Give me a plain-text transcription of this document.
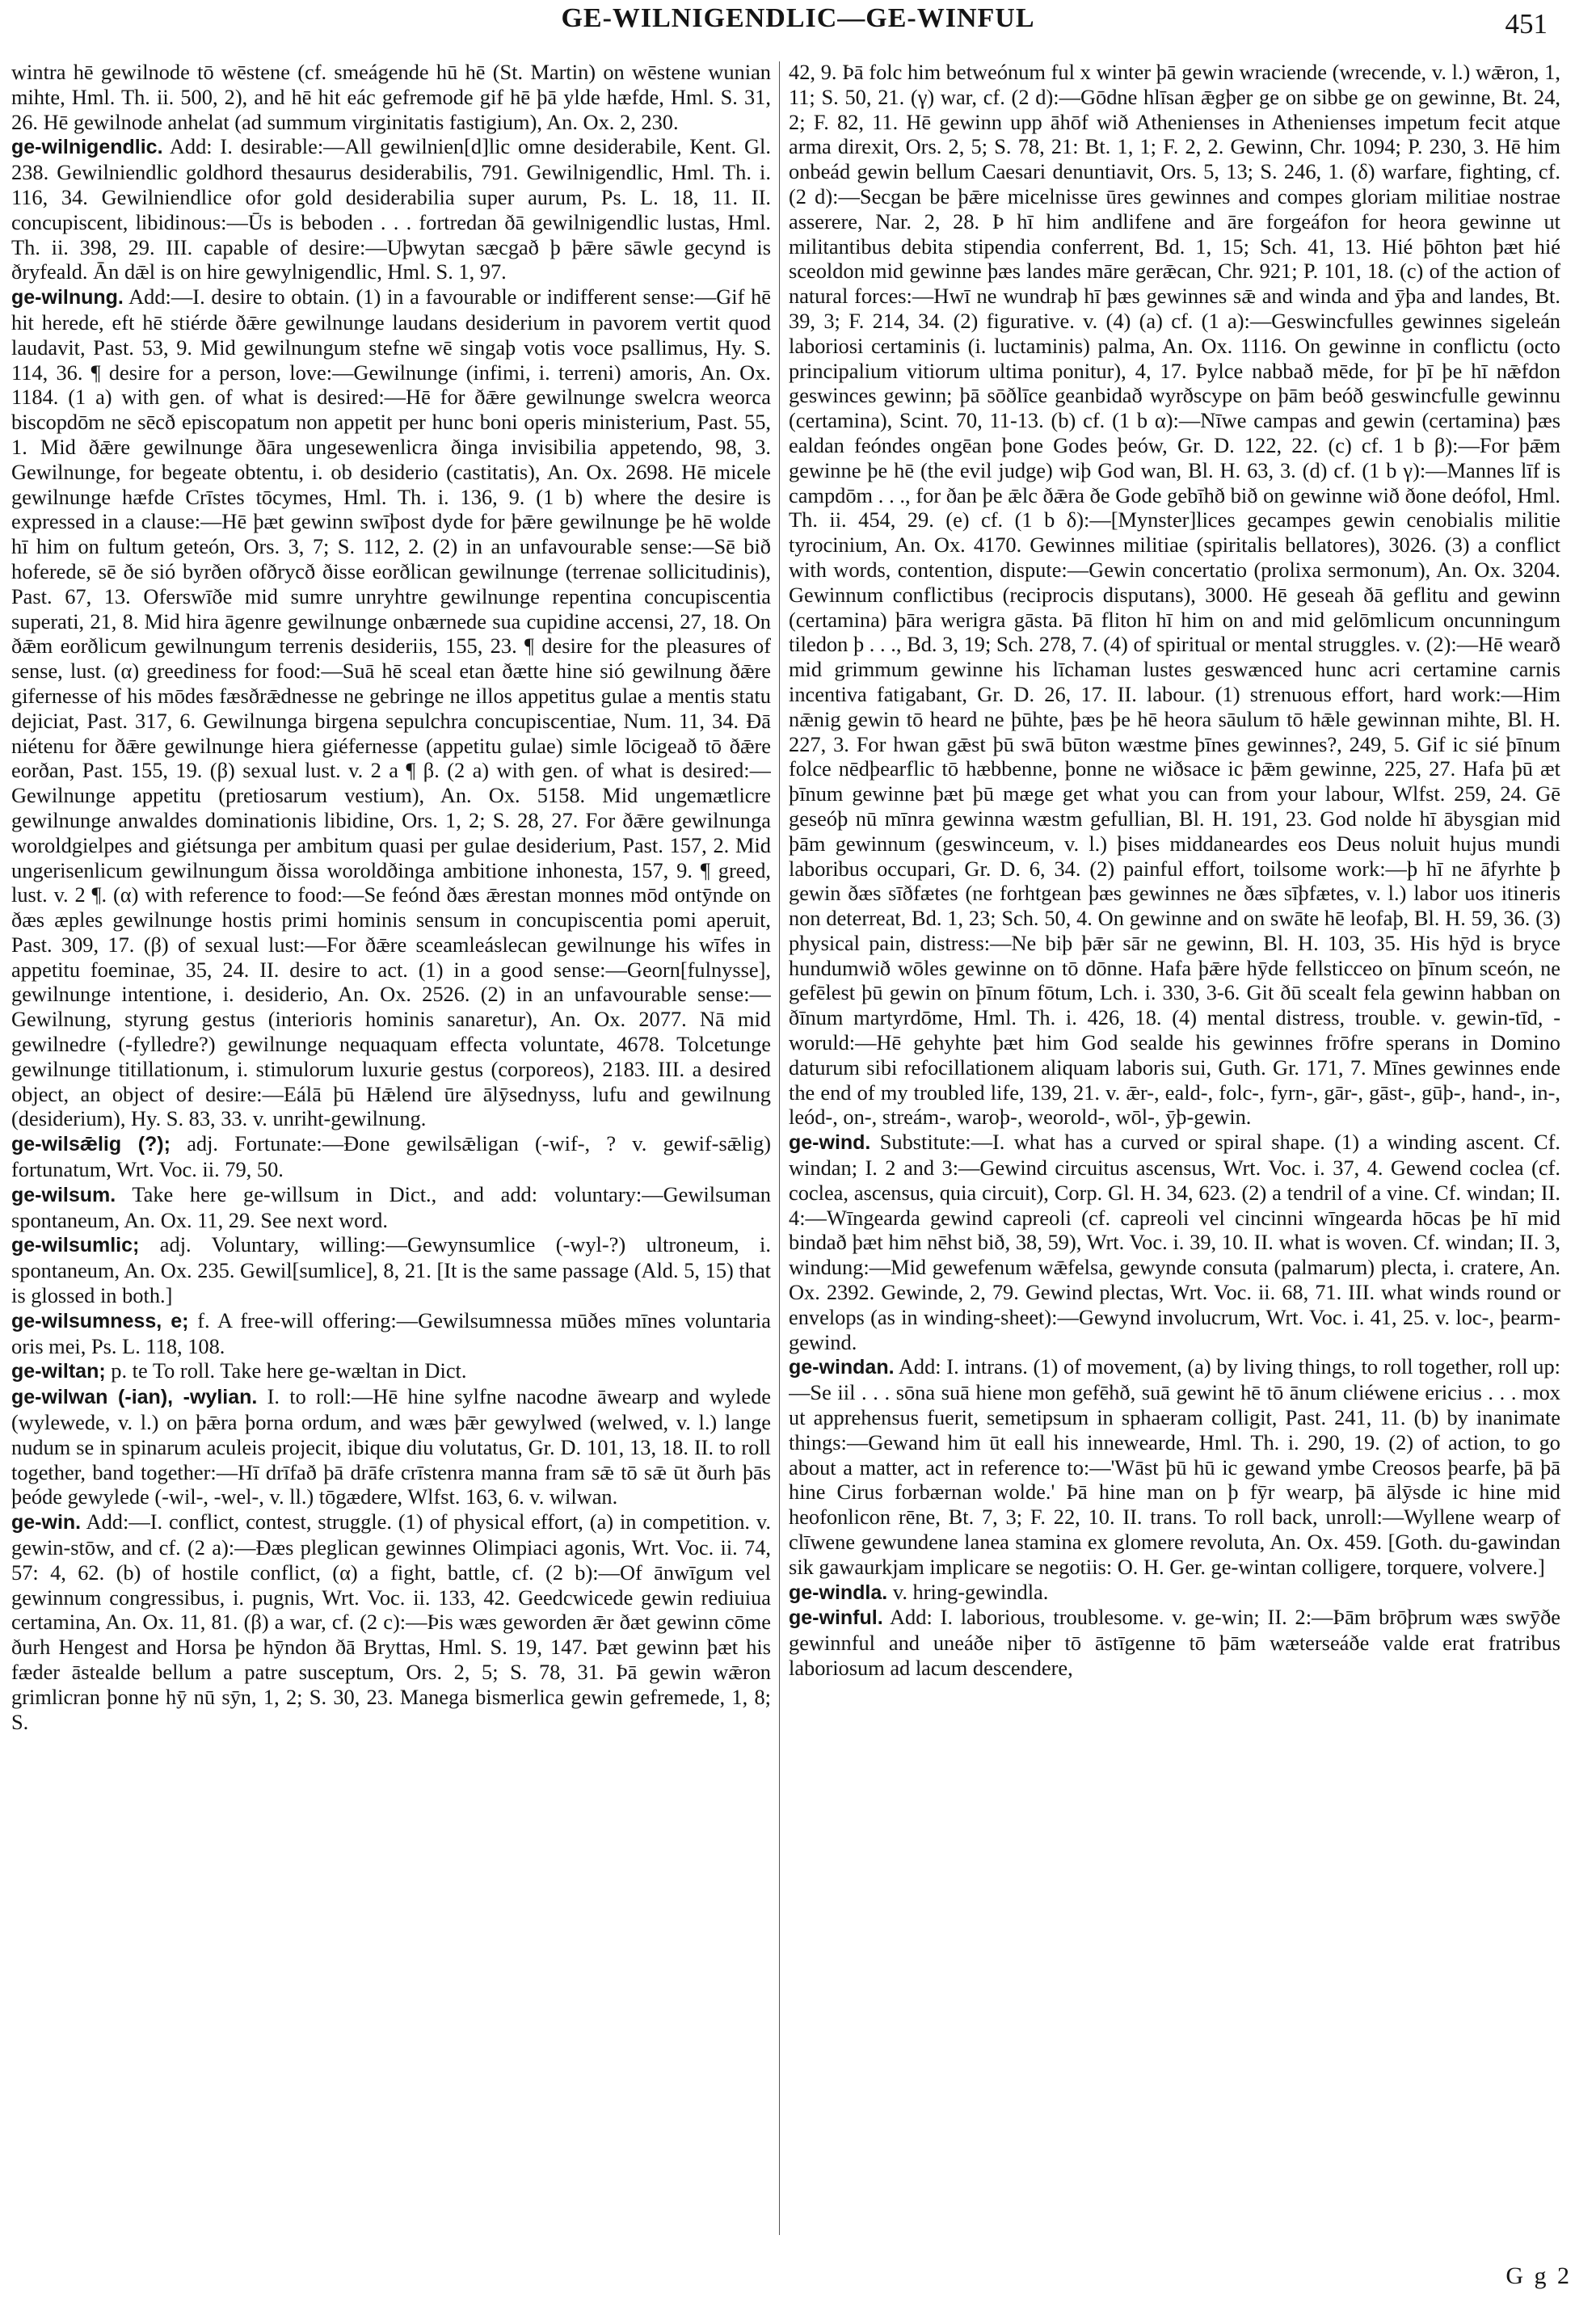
GE-WILNIGENDLIC—GE-WINFUL	451

wintra hē gewilnode tō wēstene (cf. smeágende hū hē (St. Martin) on wēstene wunian mihte, Hml. Th. ii. 500, 2), and hē hit eác gefremode gif hē þā ylde hæfde, Hml. S. 31, 26. Hē gewilnode anhelat (ad summum virginitatis fastigium), An. Ox. 2, 230.

ge-wilnigendlic. Add: I. desirable:—All gewilnien[d]lic omne desiderabile, Kent. Gl. 238. Gewilniendlic goldhord thesaurus desiderabilis, 791. Gewilnigendlic, Hml. Th. i. 116, 34. Gewilniendlice ofor gold desiderabilia super aurum, Ps. L. 18, 11. II. concupiscent, libidinous:—Ūs is beboden . . . fortredan ðā gewilnigendlic lustas, Hml. Th. ii. 398, 29. III. capable of desire:—Uþwytan sæcgað þ þǣre sāwle gecynd is ðryfeald. Ān dǣl is on hire gewylnigendlic, Hml. S. 1, 97.

ge-wilnung. Add:—I. desire to obtain. (1) in a favourable or indifferent sense:—Gif hē hit herede, eft hē stiérde ðǣre gewilnunge laudans desiderium in pavorem vertit quod laudavit, Past. 53, 9. Mid gewilnungum stefne wē singaþ votis voce psallimus, Hy. S. 114, 36. ¶ desire for a person, love:—Gewilnunge (infimi, i. terreni) amoris, An. Ox. 1184. (1 a) with gen. of what is desired:—Hē for ðǣre gewilnunge swelcra weorca biscopdōm ne sēcð episcopatum non appetit per hunc boni operis ministerium, Past. 55, 1. Mid ðǣre gewilnunge ðāra ungesewenlicra ðinga invisibilia appetendo, 98, 3. Gewilnunge, for begeate obtentu, i. ob desiderio (castitatis), An. Ox. 2698. Hē micele gewilnunge hæfde Crīstes tōcymes, Hml. Th. i. 136, 9. (1 b) where the desire is expressed in a clause:—Hē þæt gewinn swīþost dyde for þǣre gewilnunge þe hē wolde hī him on fultum geteón, Ors. 3, 7; S. 112, 2. (2) in an unfavourable sense:—Sē bið hoferede, sē ðe sió byrðen ofðrycð ðisse eorðlican gewilnunge (terrenae sollicitudinis), Past. 67, 13. Oferswīðe mid sumre unryhtre gewilnunge repentina concupiscentia superati, 21, 8. Mid hira āgenre gewilnunge onbærnede sua cupidine accensi, 27, 18. On ðǣm eorðlicum gewilnungum terrenis desideriis, 155, 23. ¶ desire for the pleasures of sense, lust. (α) greediness for food:—Suā hē sceal etan ðætte hine sió gewilnung ðǣre gifernesse of his mōdes fæsðrǣdnesse ne gebringe ne illos appetitus gulae a mentis statu dejiciat, Past. 317, 6. Gewilnunga birgena sepulchra concupiscentiae, Num. 11, 34. Ðā niétenu for ðǣre gewilnunge hiera giéfernesse (appetitu gulae) simle lōcigeað tō ðǣre eorðan, Past. 155, 19. (β) sexual lust. v. 2 a ¶ β. (2 a) with gen. of what is desired:—Gewilnunge appetitu (pretiosarum vestium), An. Ox. 5158. Mid ungemætlicre gewilnunge anwaldes dominationis libidine, Ors. 1, 2; S. 28, 27. For ðǣre gewilnunga woroldgielpes and giétsunga per ambitum quasi per gulae desiderium, Past. 157, 2. Mid ungerisenlicum gewilnungum ðissa woroldðinga ambitione inhonesta, 157, 9. ¶ greed, lust. v. 2 ¶. (α) with reference to food:—Se feónd ðæs ǣrestan monnes mōd ontȳnde on ðæs æples gewilnunge hostis primi hominis sensum in concupiscentia pomi aperuit, Past. 309, 17. (β) of sexual lust:—For ðǣre sceamleáslecan gewilnunge his wīfes in appetitu foeminae, 35, 24. II. desire to act. (1) in a good sense:—Georn[fulnysse], gewilnunge intentione, i. desiderio, An. Ox. 2526. (2) in an unfavourable sense:—Gewilnung, styrung gestus (interioris hominis sanaretur), An. Ox. 2077. Nā mid gewilnedre (-fylledre?) gewilnunge nequaquam effecta voluntate, 4678. Tolcetunge gewilnunge titillationum, i. stimulorum luxurie gestus (corporeos), 2183. III. a desired object, an object of desire:—Eálā þū Hǣlend ūre ālȳsednyss, lufu and gewilnung (desiderium), Hy. S. 83, 33. v. unriht-gewilnung.

ge-wilsǣlig (?); adj. Fortunate:—Ðone gewilsǣligan (-wif-, ? v. gewif-sǣlig) fortunatum, Wrt. Voc. ii. 79, 50.

ge-wilsum. Take here ge-willsum in Dict., and add: voluntary:—Gewilsuman spontaneum, An. Ox. 11, 29. See next word.

ge-wilsumlic; adj. Voluntary, willing:—Gewynsumlice (-wyl-?) ultroneum, i. spontaneum, An. Ox. 235. Gewil[sumlice], 8, 21. [It is the same passage (Ald. 5, 15) that is glossed in both.]

ge-wilsumness, e; f. A free-will offering:—Gewilsumnessa mūðes mīnes voluntaria oris mei, Ps. L. 118, 108.

ge-wiltan; p. te To roll. Take here ge-wæltan in Dict.

ge-wilwan (-ian), -wylian. I. to roll:—Hē hine sylfne nacodne āwearp and wylede (wylewede, v. l.) on þǣra þorna ordum, and wæs þǣr gewylwed (welwed, v. l.) lange nudum se in spinarum aculeis projecit, ibique diu volutatus, Gr. D. 101, 13, 18. II. to roll together, band together:—Hī drīfað þā drāfe crīstenra manna fram sǣ tō sǣ ūt ðurh þās þeóde gewylede (-wil-, -wel-, v. ll.) tōgædere, Wlfst. 163, 6. v. wilwan.

ge-win. Add:—I. conflict, contest, struggle. (1) of physical effort, (a) in competition. v. gewin-stōw, and cf. (2 a):—Ðæs pleglican gewinnes Olimpiaci agonis, Wrt. Voc. ii. 74, 57: 4, 62. (b) of hostile conflict, (α) a fight, battle, cf. (2 b):—Of ānwīgum vel gewinnum congressibus, i. pugnis, Wrt. Voc. ii. 133, 42. Geedcwicede gewin rediuiua certamina, An. Ox. 11, 81. (β) a war, cf. (2 c):—Þis wæs geworden ǣr ðæt gewinn cōme ðurh Hengest and Horsa þe hȳndon ðā Bryttas, Hml. S. 19, 147. Þæt gewinn þæt his fæder āstealde bellum a patre susceptum, Ors. 2, 5; S. 78, 31. Þā gewin wǣron grimlicran þonne hȳ nū sȳn, 1, 2; S. 30, 23. Manega bismerlica gewin gefremede, 1, 8; S.

42, 9. Þā folc him betweónum ful x winter þā gewin wraciende (wrecende, v. l.) wǣron, 1, 11; S. 50, 21. (γ) war, cf. (2 d):—Gōdne hlīsan ǣgþer ge on sibbe ge on gewinne, Bt. 24, 2; F. 82, 11. Hē gewinn upp āhōf wið Athenienses in Athenienses impetum fecit atque arma direxit, Ors. 2, 5; S. 78, 21: Bt. 1, 1; F. 2, 2. Gewinn, Chr. 1094; P. 230, 3. Hē him onbeád gewin bellum Caesari denuntiavit, Ors. 5, 13; S. 246, 1. (δ) warfare, fighting, cf. (2 d):—Secgan be þǣre micelnisse ūres gewinnes and compes gloriam militiae nostrae asserere, Nar. 2, 28. Þ hī him andlifene and āre forgeáfon for heora gewinne ut militantibus debita stipendia conferrent, Bd. 1, 15; Sch. 41, 13. Hié þōhton þæt hié sceoldon mid gewinne þæs landes māre gerǣcan, Chr. 921; P. 101, 18. (c) of the action of natural forces:—Hwī ne wundraþ hī þæs gewinnes sǣ and winda and ȳþa and landes, Bt. 39, 3; F. 214, 34. (2) figurative. v. (4) (a) cf. (1 a):—Geswincfulles gewinnes sigeleán laboriosi certaminis (i. luctaminis) palma, An. Ox. 1116. On gewinne in conflictu (octo principalium vitiorum ultima ponitur), 4, 17. Þylce nabbað mēde, for þī þe hī nǣfdon geswinces gewinn; þā sōðlīce geanbidað wyrðscype on þām beóð geswincfulle gewinnu (certamina), Scint. 70, 11-13. (b) cf. (1 b α):—Nīwe campas and gewin (certamina) þæs ealdan feóndes ongēan þone Godes þeów, Gr. D. 122, 22. (c) cf. 1 b β):—For þǣm gewinne þe hē (the evil judge) wiþ God wan, Bl. H. 63, 3. (d) cf. (1 b γ):—Mannes līf is campdōm . . ., for ðan þe ǣlc ðǣra ðe Gode gebīhð bið on gewinne wið ðone deófol, Hml. Th. ii. 454, 29. (e) cf. (1 b δ):—[Mynster]lices gecampes gewin cenobialis militie tyrocinium, An. Ox. 4170. Gewinnes militiae (spiritalis bellatores), 3026. (3) a conflict with words, contention, dispute:—Gewin concertatio (prolixa sermonum), An. Ox. 3204. Gewinnum conflictibus (reciprocis disputans), 3000. Hē geseah ðā geflitu and gewinn (certamina) þāra werigra gāsta. Þā fliton hī him on and mid gelōmlicum oncunningum tiledon þ . . ., Bd. 3, 19; Sch. 278, 7. (4) of spiritual or mental struggles. v. (2):—Hē wearð mid grimmum gewinne his līchaman lustes geswænced hunc acri certamine carnis incentiva fatigabant, Gr. D. 26, 17. II. labour. (1) strenuous effort, hard work:—Him nǣnig gewin tō heard ne þūhte, þæs þe hē heora sāulum tō hǣle gewinnan mihte, Bl. H. 227, 3. For hwan gǣst þū swā būton wæstme þīnes gewinnes?, 249, 5. Gif ic sié þīnum folce nēdþearflic tō hæbbenne, þonne ne wiðsace ic þǣm gewinne, 225, 27. Hafa þū æt þīnum gewinne þæt þū mæge get what you can from your labour, Wlfst. 259, 24. Gē geseóþ nū mīnra gewinna wæstm gefullian, Bl. H. 191, 23. God nolde hī ābysgian mid þām gewinnum (geswinceum, v. l.) þises middaneardes eos Deus noluit hujus mundi laboribus occupari, Gr. D. 6, 34. (2) painful effort, toilsome work:—þ hī ne āfyrhte þ gewin ðæs sīðfætes (ne forhtgean þæs gewinnes ne ðæs sīþfætes, v. l.) labor uos itineris non deterreat, Bd. 1, 23; Sch. 50, 4. On gewinne and on swāte hē leofaþ, Bl. H. 59, 36. (3) physical pain, distress:—Ne biþ þǣr sār ne gewinn, Bl. H. 103, 35. His hȳd is bryce hundumwið wōles gewinne on tō dōnne. Hafa þǣre hȳde fellsticceo on þīnum sceón, ne gefēlest þū gewin on þīnum fōtum, Lch. i. 330, 3-6. Git ðū scealt fela gewinn habban on ðīnum martyrdōme, Hml. Th. i. 426, 18. (4) mental distress, trouble. v. gewin-tīd, -woruld:—Hē gehyhte þæt him God sealde his gewinnes frōfre sperans in Domino daturum sibi refocillationem aliquam laboris sui, Guth. Gr. 171, 7. Mīnes gewinnes ende the end of my troubled life, 139, 21. v. ǣr-, eald-, folc-, fyrn-, gār-, gāst-, gūþ-, hand-, in-, leód-, on-, streám-, waroþ-, weorold-, wōl-, ȳþ-gewin.

ge-wind. Substitute:—I. what has a curved or spiral shape. (1) a winding ascent. Cf. windan; I. 2 and 3:—Gewind circuitus ascensus, Wrt. Voc. i. 37, 4. Gewend coclea (cf. coclea, ascensus, quia circuit), Corp. Gl. H. 34, 623. (2) a tendril of a vine. Cf. windan; II. 4:—Wīngearda gewind capreoli (cf. capreoli vel cincinni wīngearda hōcas þe hī mid bindað þæt him nēhst bið, 38, 59), Wrt. Voc. i. 39, 10. II. what is woven. Cf. windan; II. 3, windung:—Mid gewefenum wǣfelsa, gewynde consuta (palmarum) plecta, i. cratere, An. Ox. 2392. Gewinde, 2, 79. Gewind plectas, Wrt. Voc. ii. 68, 71. III. what winds round or envelops (as in winding-sheet):—Gewynd involucrum, Wrt. Voc. i. 41, 25. v. loc-, þearm-gewind.

ge-windan. Add: I. intrans. (1) of movement, (a) by living things, to roll together, roll up:—Se iil . . . sōna suā hiene mon gefēhð, suā gewint hē tō ānum cliéwene ericius . . . mox ut apprehensus fuerit, semetipsum in sphaeram colligit, Past. 241, 11. (b) by inanimate things:—Gewand him ūt eall his innewearde, Hml. Th. i. 290, 19. (2) of action, to go about a matter, act in reference to:—'Wāst þū hū ic gewand ymbe Creosos þearfe, þā þā hine Cirus forbærnan wolde.' Þā hine man on þ fȳr wearp, þā ālȳsde ic hine mid heofonlicon rēne, Bt. 7, 3; F. 22, 10. II. trans. To roll back, unroll:—Wyllene wearp of clīwene gewundene lanea stamina ex glomere revoluta, An. Ox. 459. [Goth. du-gawindan sik gawaurkjam implicare se negotiis: O. H. Ger. ge-wintan colligere, torquere, volvere.]

ge-windla. v. hring-gewindla.

ge-winful. Add: I. laborious, troublesome. v. ge-win; II. 2:—Þām brōþrum wæs swȳðe gewinnful and uneáðe niþer tō āstīgenne tō þām wæterseáðe valde erat fratribus laboriosum ad lacum descendere,

G g 2
